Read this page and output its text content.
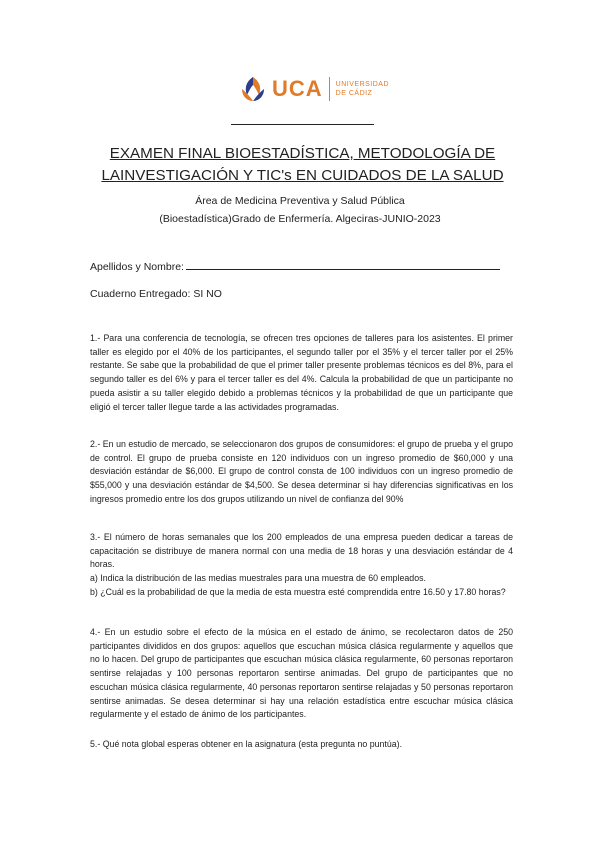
UCA UNIVERSIDAD
DE CÁDIZ
EXAMEN FINAL BIOESTADÍSTICA, METODOLOGÍA DE
LAINVESTIGACIÓN Y TIC's EN CUIDADOS DE LA SALUD
Área de Medicina Preventiva y Salud Pública
(Bioestadística)Grado de Enfermería. Algeciras-JUNIO-2023
Apellidos y Nombre:
Cuaderno Entregado: SI NO

1.- Para una conferencia de tecnología, se ofrecen tres opciones de talleres para los asistentes. El primer taller es elegido por el 40% de los participantes, el segundo taller por el 35% y el tercer taller por el 25% restante. Se sabe que la probabilidad de que el primer taller presente problemas técnicos es del 8%, para el segundo taller es del 6% y para el tercer taller es del 4%. Calcula la probabilidad de que un participante no pueda asistir a su taller elegido debido a problemas técnicos y la probabilidad de que un participante que eligió el tercer taller llegue tarde a las actividades programadas.

2.- En un estudio de mercado, se seleccionaron dos grupos de consumidores: el grupo de prueba y el grupo de control. El grupo de prueba consiste en 120 individuos con un ingreso promedio de $60,000 y una desviación estándar de $6,000. El grupo de control consta de 100 individuos con un ingreso promedio de $55,000 y una desviación estándar de $4,500. Se desea determinar si hay diferencias significativas en los ingresos promedio entre los dos grupos utilizando un nivel de confianza del 90%

3.- El número de horas semanales que los 200 empleados de una empresa pueden dedicar a tareas de capacitación se distribuye de manera normal con una media de 18 horas y una desviación estándar de 4 horas.

a) Indica la distribución de las medias muestrales para una muestra de 60 empleados.

b) ¿Cuál es la probabilidad de que la media de esta muestra esté comprendida entre 16.50 y 17.80 horas?

4.- En un estudio sobre el efecto de la música en el estado de ánimo, se recolectaron datos de 250 participantes divididos en dos grupos: aquellos que escuchan música clásica regularmente y aquellos que no lo hacen. Del grupo de participantes que escuchan música clásica regularmente, 60 personas reportaron sentirse relajadas y 100 personas reportaron sentirse animadas. Del grupo de participantes que no escuchan música clásica regularmente, 40 personas reportaron sentirse relajadas y 50 personas reportaron sentirse animadas. Se desea determinar si hay una relación estadística entre escuchar música clásica regularmente y el estado de ánimo de los participantes.

5.- Qué nota global esperas obtener en la asignatura (esta pregunta no puntúa).
